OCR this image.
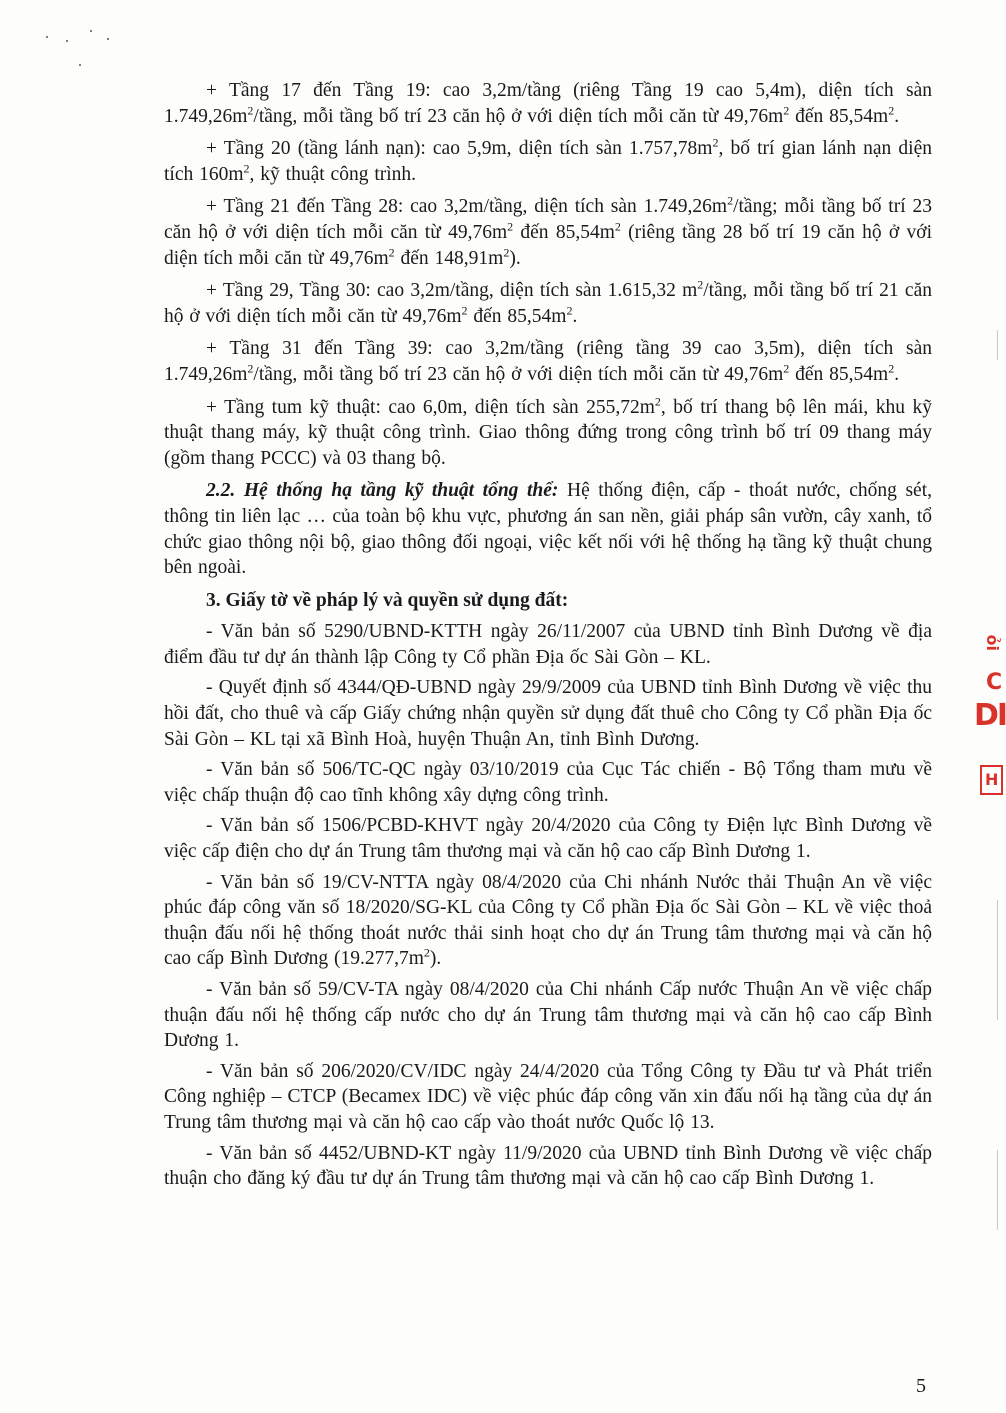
ỏi
C
DI
H

+ Tầng 17 đến Tầng 19: cao 3,2m/tầng (riêng Tầng 19 cao 5,4m), diện tích sàn $1.749,26m^2$/tầng, mỗi tầng bố trí 23 căn hộ ở với diện tích mỗi căn từ $49,76m^2$ đến $85,54m^2$.

+ Tầng 20 (tầng lánh nạn): cao 5,9m, diện tích sàn $1.757,78m^2$, bố trí gian lánh nạn diện tích $160m^2$, kỹ thuật công trình.

+ Tầng 21 đến Tầng 28: cao 3,2m/tầng, diện tích sàn $1.749,26m^2$/tầng; mỗi tầng bố trí 23 căn hộ ở với diện tích mỗi căn từ $49,76m^2$ đến $85,54m^2$ (riêng tầng 28 bố trí 19 căn hộ ở với diện tích mỗi căn từ $49,76m^2$ đến $148,91m^2$).

+ Tầng 29, Tầng 30: cao 3,2m/tầng, diện tích sàn 1.615,32 $m^2$/tầng, mỗi tầng bố trí 21 căn hộ ở với diện tích mỗi căn từ $49,76m^2$ đến $85,54m^2$.

+ Tầng 31 đến Tầng 39: cao 3,2m/tầng (riêng tầng 39 cao 3,5m), diện tích sàn $1.749,26m^2$/tầng, mỗi tầng bố trí 23 căn hộ ở với diện tích mỗi căn từ $49,76m^2$ đến $85,54m^2$.

+ Tầng tum kỹ thuật: cao 6,0m, diện tích sàn $255,72m^2$, bố trí thang bộ lên mái, khu kỹ thuật thang máy, kỹ thuật công trình. Giao thông đứng trong công trình bố trí 09 thang máy (gồm thang PCCC) và 03 thang bộ.

2.2. Hệ thống hạ tầng kỹ thuật tổng thể: Hệ thống điện, cấp - thoát nước, chống sét, thông tin liên lạc … của toàn bộ khu vực, phương án san nền, giải pháp sân vườn, cây xanh, tổ chức giao thông nội bộ, giao thông đối ngoại, việc kết nối với hệ thống hạ tầng kỹ thuật chung bên ngoài.

3. Giấy tờ về pháp lý và quyền sử dụng đất:

- Văn bản số 5290/UBND-KTTH ngày 26/11/2007 của UBND tỉnh Bình Dương về địa điểm đầu tư dự án thành lập Công ty Cổ phần Địa ốc Sài Gòn – KL.

- Quyết định số 4344/QĐ-UBND ngày 29/9/2009 của UBND tỉnh Bình Dương về việc thu hồi đất, cho thuê và cấp Giấy chứng nhận quyền sử dụng đất thuê cho Công ty Cổ phần Địa ốc Sài Gòn – KL tại xã Bình Hoà, huyện Thuận An, tỉnh Bình Dương.

- Văn bản số 506/TC-QC ngày 03/10/2019 của Cục Tác chiến - Bộ Tổng tham mưu về việc chấp thuận độ cao tĩnh không xây dựng công trình.

- Văn bản số 1506/PCBD-KHVT ngày 20/4/2020 của Công ty Điện lực Bình Dương về việc cấp điện cho dự án Trung tâm thương mại và căn hộ cao cấp Bình Dương 1.

- Văn bản số 19/CV-NTTA ngày 08/4/2020 của Chi nhánh Nước thải Thuận An về việc phúc đáp công văn số 18/2020/SG-KL của Công ty Cổ phần Địa ốc Sài Gòn – KL về việc thoả thuận đấu nối hệ thống thoát nước thải sinh hoạt cho dự án Trung tâm thương mại và căn hộ cao cấp Bình Dương $(19.277,7m^2)$.

- Văn bản số 59/CV-TA ngày 08/4/2020 của Chi nhánh Cấp nước Thuận An về việc chấp thuận đấu nối hệ thống cấp nước cho dự án Trung tâm thương mại và căn hộ cao cấp Bình Dương 1.

- Văn bản số 206/2020/CV/IDC ngày 24/4/2020 của Tổng Công ty Đầu tư và Phát triển Công nghiệp – CTCP (Becamex IDC) về việc phúc đáp công văn xin đấu nối hạ tầng của dự án Trung tâm thương mại và căn hộ cao cấp vào thoát nước Quốc lộ 13.

- Văn bản số 4452/UBND-KT ngày 11/9/2020 của UBND tỉnh Bình Dương về việc chấp thuận cho đăng ký đầu tư dự án Trung tâm thương mại và căn hộ cao cấp Bình Dương 1.

5
